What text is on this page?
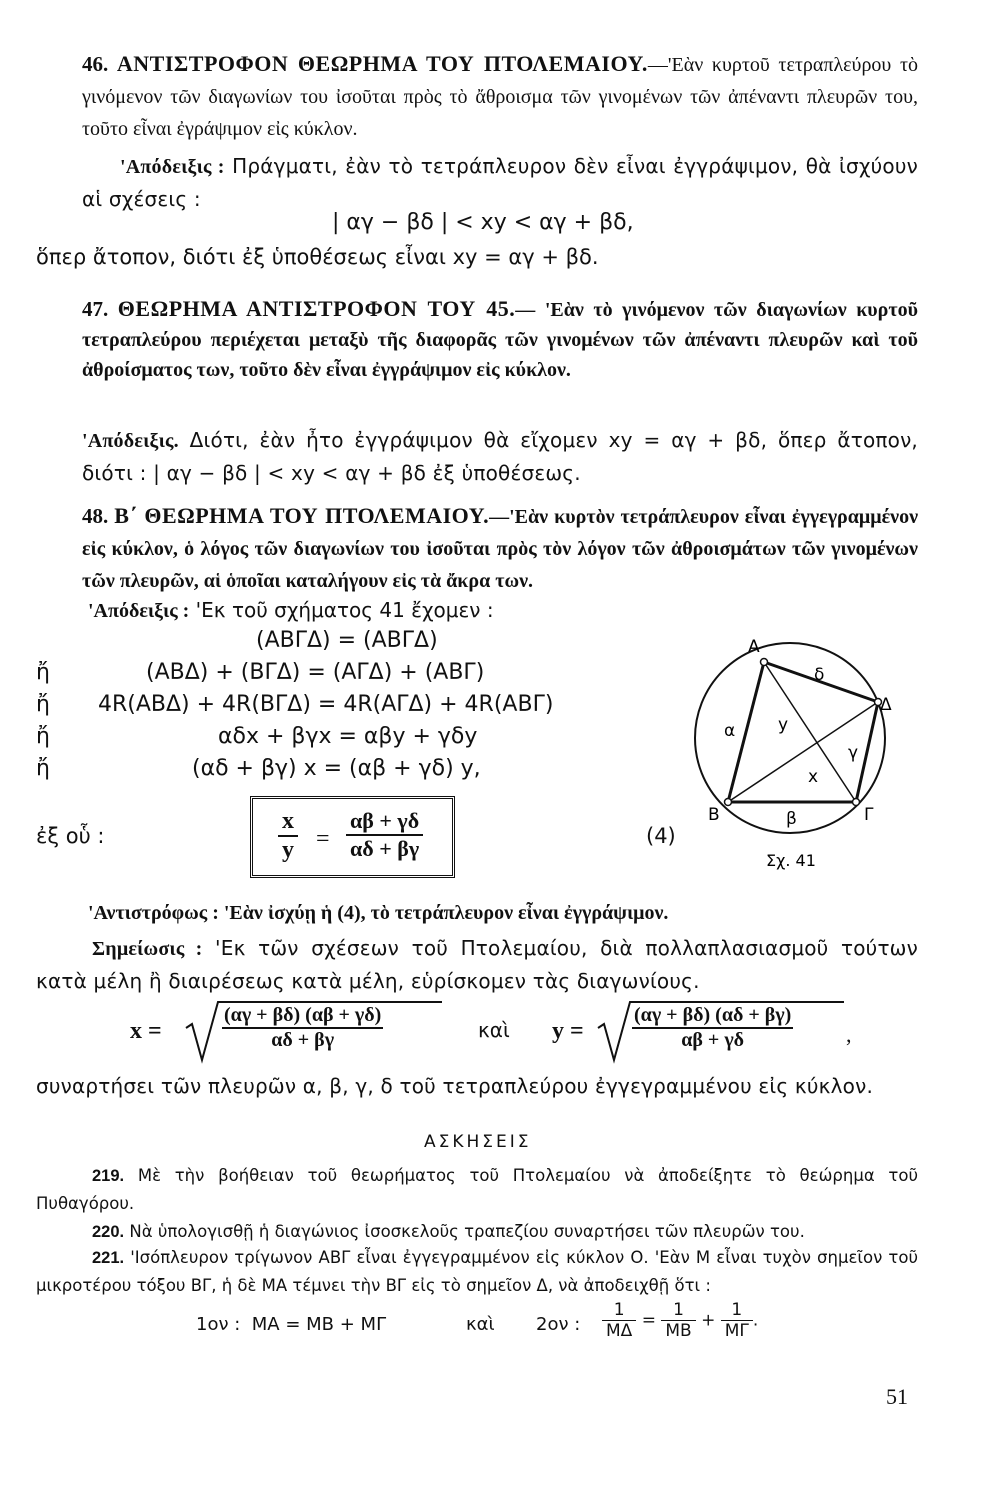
46. ΑΝΤΙΣΤΡΟΦΟΝ ΘΕΩΡΗΜΑ ΤΟΥ ΠΤΟΛΕΜΑΙΟΥ.—'Εὰν κυρτοῦ τετραπλεύρου τὸ γινόμενον τῶν διαγωνίων του ἰσοῦται πρὸς τὸ ἄθροισμα τῶν γινομένων τῶν ἀπέναντι πλευρῶν του, τοῦτο εἶναι ἐγράψιμον εἰς κύκλον.
'Απόδειξις : Πράγματι, ἐὰν τὸ τετράπλευρον δὲν εἶναι ἐγγράψιμον, θὰ ἰσχύουν αἱ σχέσεις :
| αγ − βδ | < xy < αγ + βδ,
ὅπερ ἄτοπον, διότι ἐξ ὑποθέσεως εἶναι xy = αγ + βδ.
47. ΘΕΩΡΗΜΑ ΑΝΤΙΣΤΡΟΦΟΝ ΤΟΥ 45.— 'Εὰν τὸ γινόμενον τῶν διαγωνίων κυρτοῦ τετραπλεύρου περιέχεται μεταξὺ τῆς διαφορᾶς τῶν γινομένων τῶν ἀπέναντι πλευρῶν καὶ τοῦ ἀθροίσματος των, τοῦτο δὲν εἶναι ἐγγράψιμον εἰς κύκλον.
'Απόδειξις. Διότι, ἐὰν ἦτο ἐγγράψιμον θὰ εἴχομεν xy = αγ + βδ, ὅπερ ἄτοπον, διότι : | αγ − βδ | < xy < αγ + βδ ἐξ ὑποθέσεως.
48. Β΄ ΘΕΩΡΗΜΑ ΤΟΥ ΠΤΟΛΕΜΑΙΟΥ.—'Εὰν κυρτὸν τετράπλευρον εἶναι ἐγγεγραμμένον εἰς κύκλον, ὁ λόγος τῶν διαγωνίων του ἰσοῦται πρὸς τὸν λόγον τῶν ἀθροισμάτων τῶν γινομένων τῶν πλευρῶν, αἱ ὁποῖαι καταλήγουν εἰς τὰ ἄκρα των.
'Απόδειξις : 'Εκ τοῦ σχήματος 41 ἔχομεν :
(ΑΒΓΔ) = (ΑΒΓΔ)
ἤ	(ΑΒΔ) + (ΒΓΔ) = (ΑΓΔ) + (ΑΒΓ)
ἤ 4R(ΑΒΔ) + 4R(ΒΓΔ) = 4R(ΑΓΔ) + 4R(ΑΒΓ)
ἤ	αδx + βγx = αβy + γδy
ἤ	(αδ + βγ) x = (αβ + γδ) y,
ἐξ οὗ :	$\frac{x}{y} = \frac{\alpha\beta + \gamma\delta}{\alpha\delta + \beta\gamma}$	(4)
Α
Δ
Γ
Β
δ
α
γ
β
y
x
Σχ. 41
'Αντιστρόφως : 'Εὰν ἰσχύῃ ἡ (4), τὸ τετράπλευρον εἶναι ἐγγράψιμον.
Σημείωσις : 'Εκ τῶν σχέσεων τοῦ Πτολεμαίου, διὰ πολλαπλασιασμοῦ τούτων κατὰ μέλη ἢ διαιρέσεως κατὰ μέλη, εὑρίσκομεν τὰς διαγωνίους.
x =	$\frac{(\alpha\gamma + \beta\delta) (\alpha\beta + \gamma\delta)}{\alpha\delta + \beta\gamma}$	καὶ $y = \frac{(\alpha\gamma + \beta\delta) (\alpha\delta + \beta\gamma)}{\alpha\beta + \gamma\delta}$ ,
συναρτήσει τῶν πλευρῶν α, β, γ, δ τοῦ τετραπλεύρου ἐγγεγραμμένου εἰς κύκλον.
ΑΣΚΗΣΕΙΣ
219. Μὲ τὴν βοήθειαν τοῦ θεωρήματος τοῦ Πτολεμαίου νὰ ἀποδείξητε τὸ θεώρημα τοῦ Πυθαγόρου.
220. Νὰ ὑπολογισθῇ ἡ διαγώνιος ἰσοσκελοῦς τραπεζίου συναρτήσει τῶν πλευρῶν του.
221. 'Ισόπλευρον τρίγωνον ΑΒΓ εἶναι ἐγγεγραμμένον εἰς κύκλον Ο. 'Εὰν Μ εἶναι τυχὸν σημεῖον τοῦ μικροτέρου τόξου ΒΓ, ἡ δὲ ΜΑ τέμνει τὴν ΒΓ εἰς τὸ σημεῖον Δ, νὰ ἀποδειχθῇ ὅτι :
1ον : ΜΑ = ΜΒ + ΜΓ	καὶ 2ον : $\frac{1}{M\Delta} = \frac{1}{MB} + \frac{1}{M\Gamma}$ .
51
